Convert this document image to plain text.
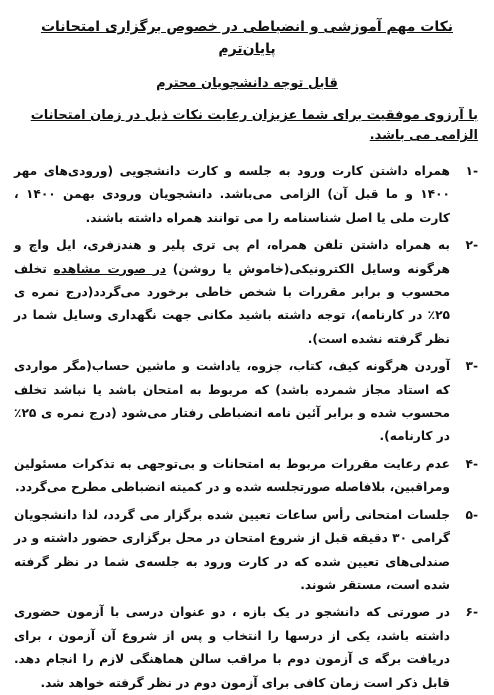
نکات مهم آموزشی و انضباطی در خصوص برگزاری امتحانات پایان‌ترم
قابل توجه دانشجویان محترم
با آرزوی موفقیت برای شما عزیزان رعایت نکات ذیل در زمان امتحانات الزامی می باشد.
-۱
همراه داشتن کارت ورود به جلسه و کارت دانشجویی (ورودی‌های مهر ۱۴۰۰ و ما قبل آن) الزامی می‌باشد. دانشجویان ورودی بهمن ۱۴۰۰ ، کارت ملی یا اصل شناسنامه را می توانند همراه داشته باشند.
-۲
به همراه داشتن تلفن همراه، ام پی تری پلیر و هندزفری، ایل واچ و هرگونه وسایل الکترونیکی(خاموش یا روشن) در صورت مشاهده تخلف محسوب و برابر مقررات با شخص خاطی برخورد می‌گردد(درج نمره ی ۲۵٪ در کارنامه)، توجه داشته باشید مکانی جهت نگهداری وسایل شما در نظر گرفته نشده است).
-۳
آوردن هرگونه کیف، کتاب، جزوه، یاداشت و ماشین حساب(مگر مواردی که استاد مجاز شمرده باشد) که مربوط به امتحان باشد یا نباشد تخلف محسوب شده و برابر آئین نامه انضباطی رفتار می‌شود (درج نمره ی ۲۵٪ در کارنامه).
-۴
عدم رعایت مقررات مربوط به امتحانات و بی‌توجهی به تذکرات مسئولین ومراقبین، بلافاصله صورتجلسه شده و در کمیته انضباطی مطرح می‌گردد.
-۵
جلسات امتحانی رأس ساعات تعیین شده برگزار می گردد، لذا دانشجویان گرامی ۳۰ دقیقه قبل از شروع امتحان در محل برگزاری حضور داشته و در صندلی‌های تعیین شده که در کارت ورود به جلسه‌ی شما در نظر گرفته شده است، مستقر شوند.
-۶
در صورتی که دانشجو در یک بازه ، دو عنوان درسی با آزمون حضوری داشته باشد، یکی از درسها را انتخاب و پس از شروع آن آزمون ، برای دریافت برگه ی آزمون دوم با مراقب سالن هماهنگی لازم را انجام دهد. قابل ذکر است زمان کافی برای آزمون دوم در نظر گرفته خواهد شد.
